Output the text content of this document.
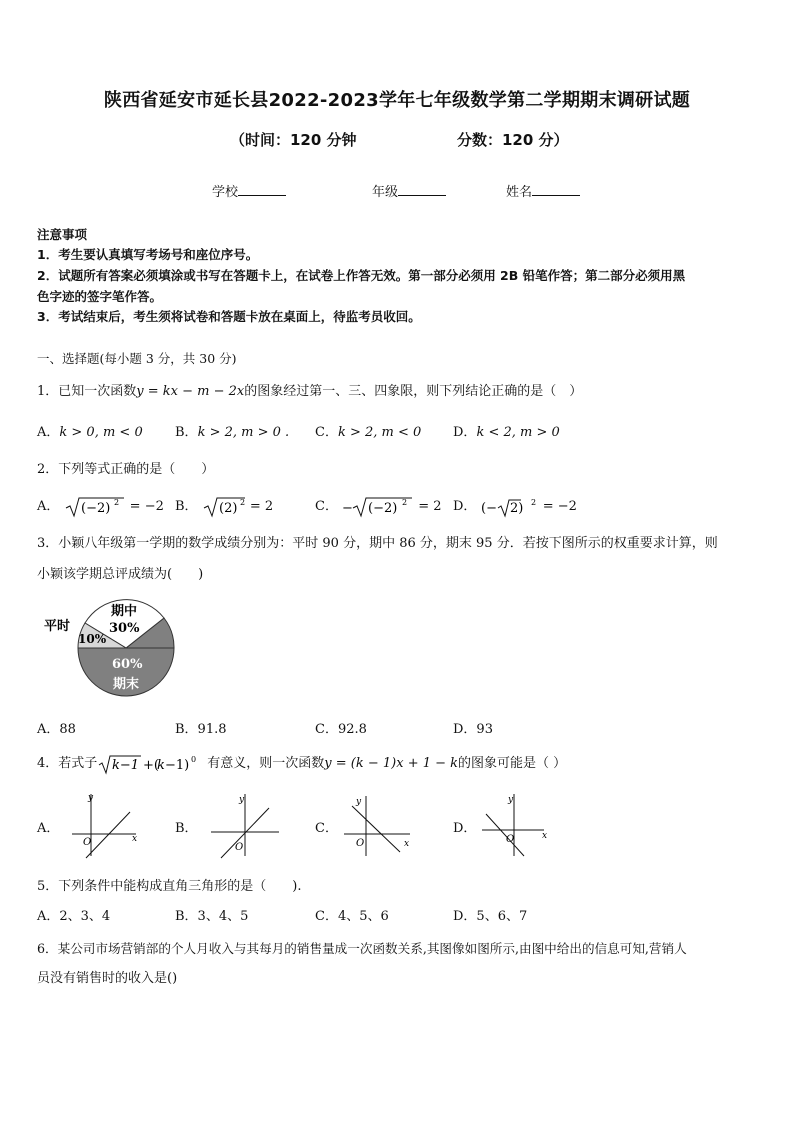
陕西省延安市延长县2022-2023学年七年级数学第二学期期末调研试题
（时间：120 分钟	分数：120 分）
学校	年级	姓名
注意事项
1．考生要认真填写考场号和座位序号。
2．试题所有答案必须填涂或书写在答题卡上，在试卷上作答无效。第一部分必须用 2B 铅笔作答；第二部分必须用黑
色字迹的签字笔作答。
3．考试结束后，考生须将试卷和答题卡放在桌面上，待监考员收回。
一、选择题(每小题 3 分，共 30 分)
1．已知一次函数y = kx − m − 2x的图象经过第一、三、四象限，则下列结论正确的是（　）
A．k > 0, m < 0 B．k > 2, m > 0 . C．k > 2, m < 0 D．k < 2, m > 0
2．下列等式正确的是（　　）
A． (−2) 2 = −2 B． (2) 2 = 2	C． − (−2) 2 = 2 D． (− 2) 2 = −2
3．小颖八年级第一学期的数学成绩分别为：平时 90 分，期中 86 分，期末 95 分．若按下图所示的权重要求计算，则
小颖该学期总评成绩为(　　)
平时
10%
期中
30%
60%
期末
A．88	B．91.8	C．92.8	D．93
4．若式子 k−1 +(
k −1) 0 有意义，则一次函数y = (k − 1)x + 1 − k的图象可能是（ ）
A．
y
x
O
B．
y
O
C．
y
x
O
D．
y
x
O
5．下列条件中能构成直角三角形的是（　　).
A．2、3、4	B．3、4、5	C．4、5、6	D．5、6、7
6．某公司市场营销部的个人月收入与其每月的销售量成一次函数关系,其图像如图所示,由图中给出的信息可知,营销人
员没有销售时的收入是()
